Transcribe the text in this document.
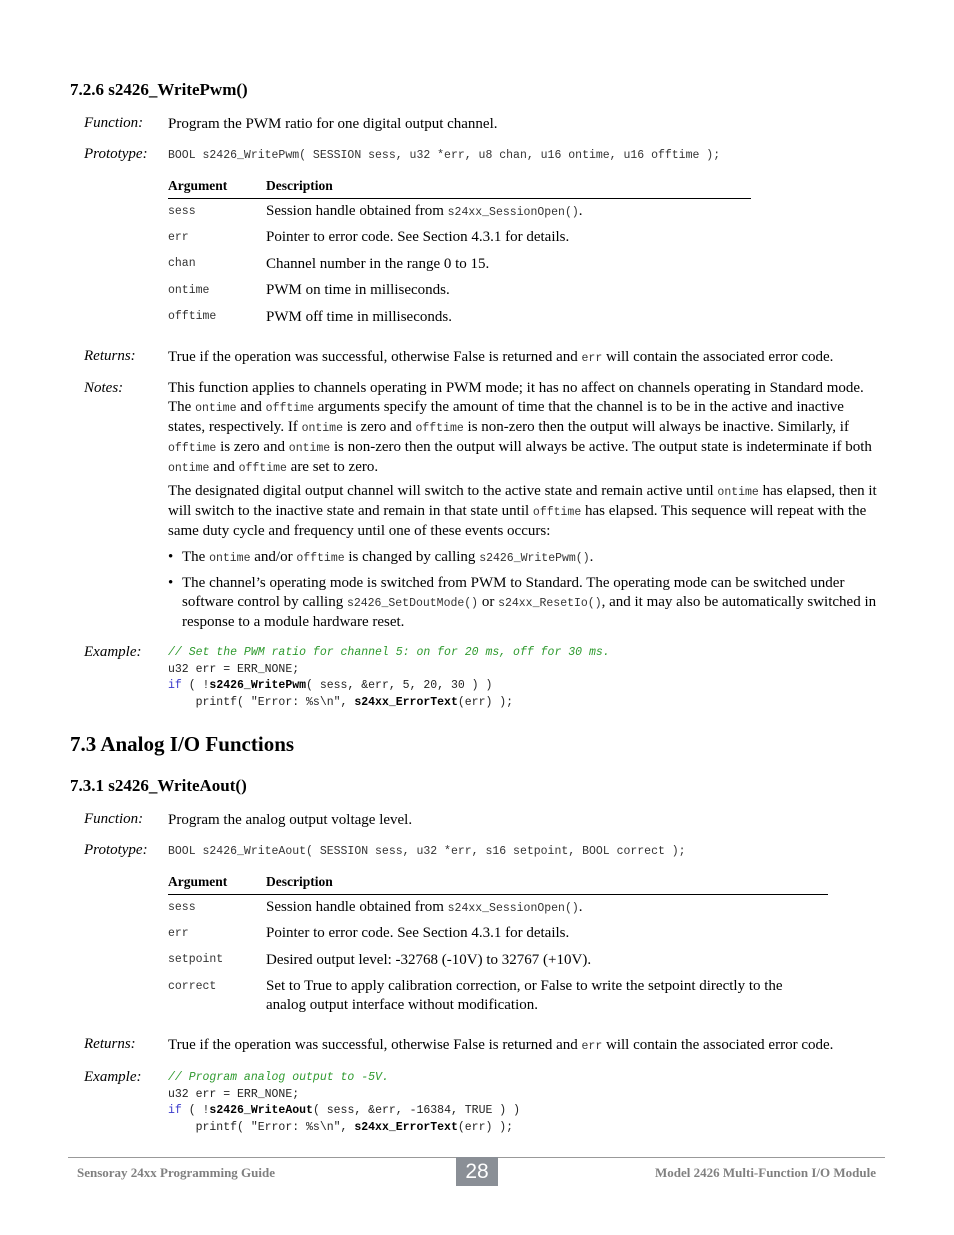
7.2.6 s2426_WritePwm()
Function: Program the PWM ratio for one digital output channel.
Prototype: BOOL s2426_WritePwm( SESSION sess, u32 *err, u8 chan, u16 ontime, u16 offtime );
Argument	Description
sess	Session handle obtained from s24xx_SessionOpen().
err	Pointer to error code. See Section 4.3.1 for details.
chan	Channel number in the range 0 to 15.
ontime	PWM on time in milliseconds.
offtime	PWM off time in milliseconds.
Returns: True if the operation was successful, otherwise False is returned and err will contain the associated error code.
Notes:	This function applies to channels operating in PWM mode; it has no affect on channels operating in Standard mode. The ontime and offtime arguments specify the amount of time that the channel is to be in the active and inactive states, respectively. If ontime is zero and offtime is non-zero then the output will always be inactive. Similarly, if offtime is zero and ontime is non-zero then the output will always be active. The output state is indeterminate if both ontime and offtime are set to zero.
The designated digital output channel will switch to the active state and remain active until ontime has elapsed, then it will switch to the inactive state and remain in that state until offtime has elapsed. This sequence will repeat with the same duty cycle and frequency until one of these events occurs:
• The ontime and/or offtime is changed by calling s2426_WritePwm().
• The channel’s operating mode is switched from PWM to Standard. The operating mode can be switched under software control by calling s2426_SetDoutMode() or s24xx_ResetIo(), and it may also be automatically switched in response to a module hardware reset.
Example: // Set the PWM ratio for channel 5: on for 20 ms, off for 30 ms.
u32 err = ERR_NONE;
if ( !s2426_WritePwm( sess, &err, 5, 20, 30 ) )
printf( "Error: %s\n", s24xx_ErrorText(err) );
7.3 Analog I/O Functions
7.3.1 s2426_WriteAout()
Function: Program the analog output voltage level.
Prototype: BOOL s2426_WriteAout( SESSION sess, u32 *err, s16 setpoint, BOOL correct );
Argument	Description
sess	Session handle obtained from s24xx_SessionOpen().
err	Pointer to error code. See Section 4.3.1 for details.
setpoint	Desired output level: -32768 (-10V) to 32767 (+10V).
correct	Set to True to apply calibration correction, or False to write the setpoint directly to the analog output interface without modification.
Returns: True if the operation was successful, otherwise False is returned and err will contain the associated error code.
Example: // Program analog output to -5V.
u32 err = ERR_NONE;
if ( !s2426_WriteAout( sess, &err, -16384, TRUE ) )
printf( "Error: %s\n", s24xx_ErrorText(err) );
Sensoray 24xx Programming Guide	28	Model 2426 Multi-Function I/O Module
